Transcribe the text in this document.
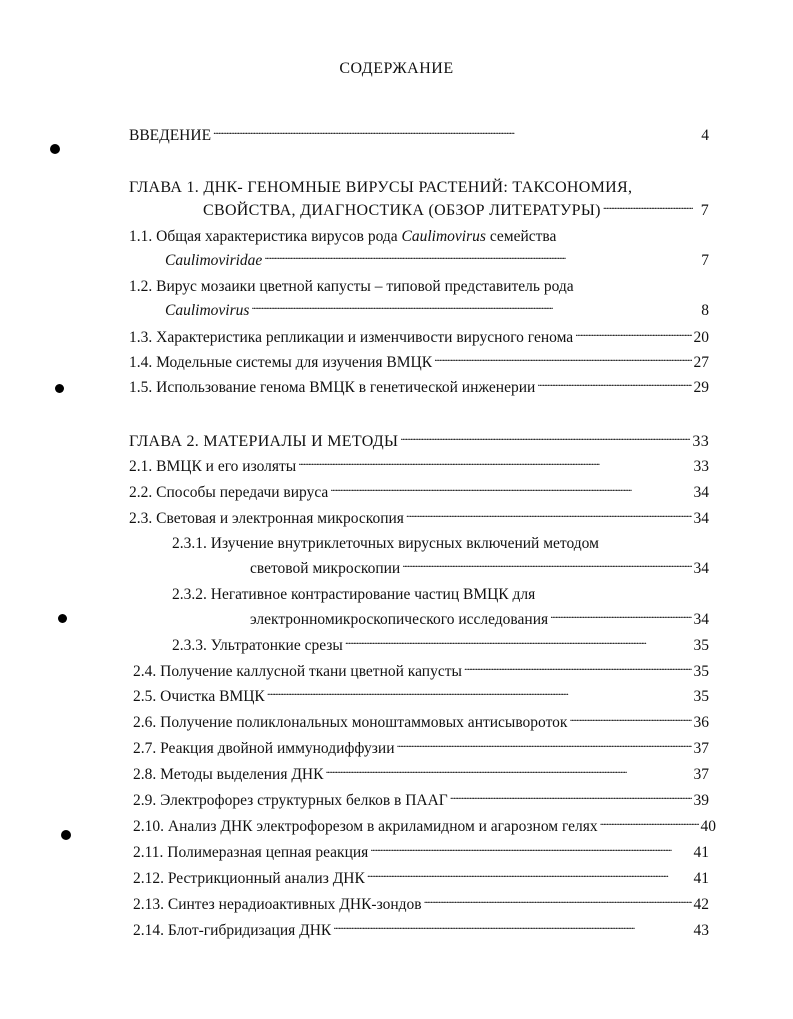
СОДЕРЖАНИЕ
ВВЕДЕНИЕ . . .	4
ГЛАВА 1. ДНК- ГЕНОМНЫЕ ВИРУСЫ РАСТЕНИЙ: ТАКСОНОМИЯ,
СВОЙСТВА, ДИАГНОСТИКА (ОБЗОР ЛИТЕРАТУРЫ) . . .	7
1.1. Общая характеристика вирусов рода Caulimovirus семейства
Caulimoviridae . . .	7
1.2. Вирус мозаики цветной капусты – типовой представитель рода
Caulimovirus . . .	8
1.3. Характеристика репликации и изменчивости вирусного генома . . .	20
1.4. Модельные системы для изучения ВМЦК . . .	27
1.5. Использование генома ВМЦК в генетической инженерии . . .	29
ГЛАВА 2. МАТЕРИАЛЫ И МЕТОДЫ . . .	33
2.1. ВМЦК и его изоляты . . .	33
2.2. Способы передачи вируса . . .	34
2.3. Световая и электронная микроскопия . . .	34
2.3.1. Изучение внутриклеточных вирусных включений методом
световой микроскопии . . .	34
2.3.2. Негативное контрастирование частиц ВМЦК для
электронномикроскопического исследования . . .	34
2.3.3. Ультратонкие срезы . . .	35
2.4. Получение каллусной ткани цветной капусты . . .	35
2.5. Очистка ВМЦК . . .	35
2.6. Получение поликлональных моноштаммовых антисывороток . . .	36
2.7. Реакция двойной иммунодиффузии . . .	37
2.8. Методы выделения ДНК . . .	37
2.9. Электрофорез структурных белков в ПААГ . . .	39
2.10. Анализ ДНК электрофорезом в акриламидном и агарозном гелях . . .	40
2.11. Полимеразная цепная реакция . . .	41
2.12. Рестрикционный анализ ДНК . . .	41
2.13. Синтез нерадиоактивных ДНК-зондов . . .	42
2.14. Блот-гибридизация ДНК . . .	43
